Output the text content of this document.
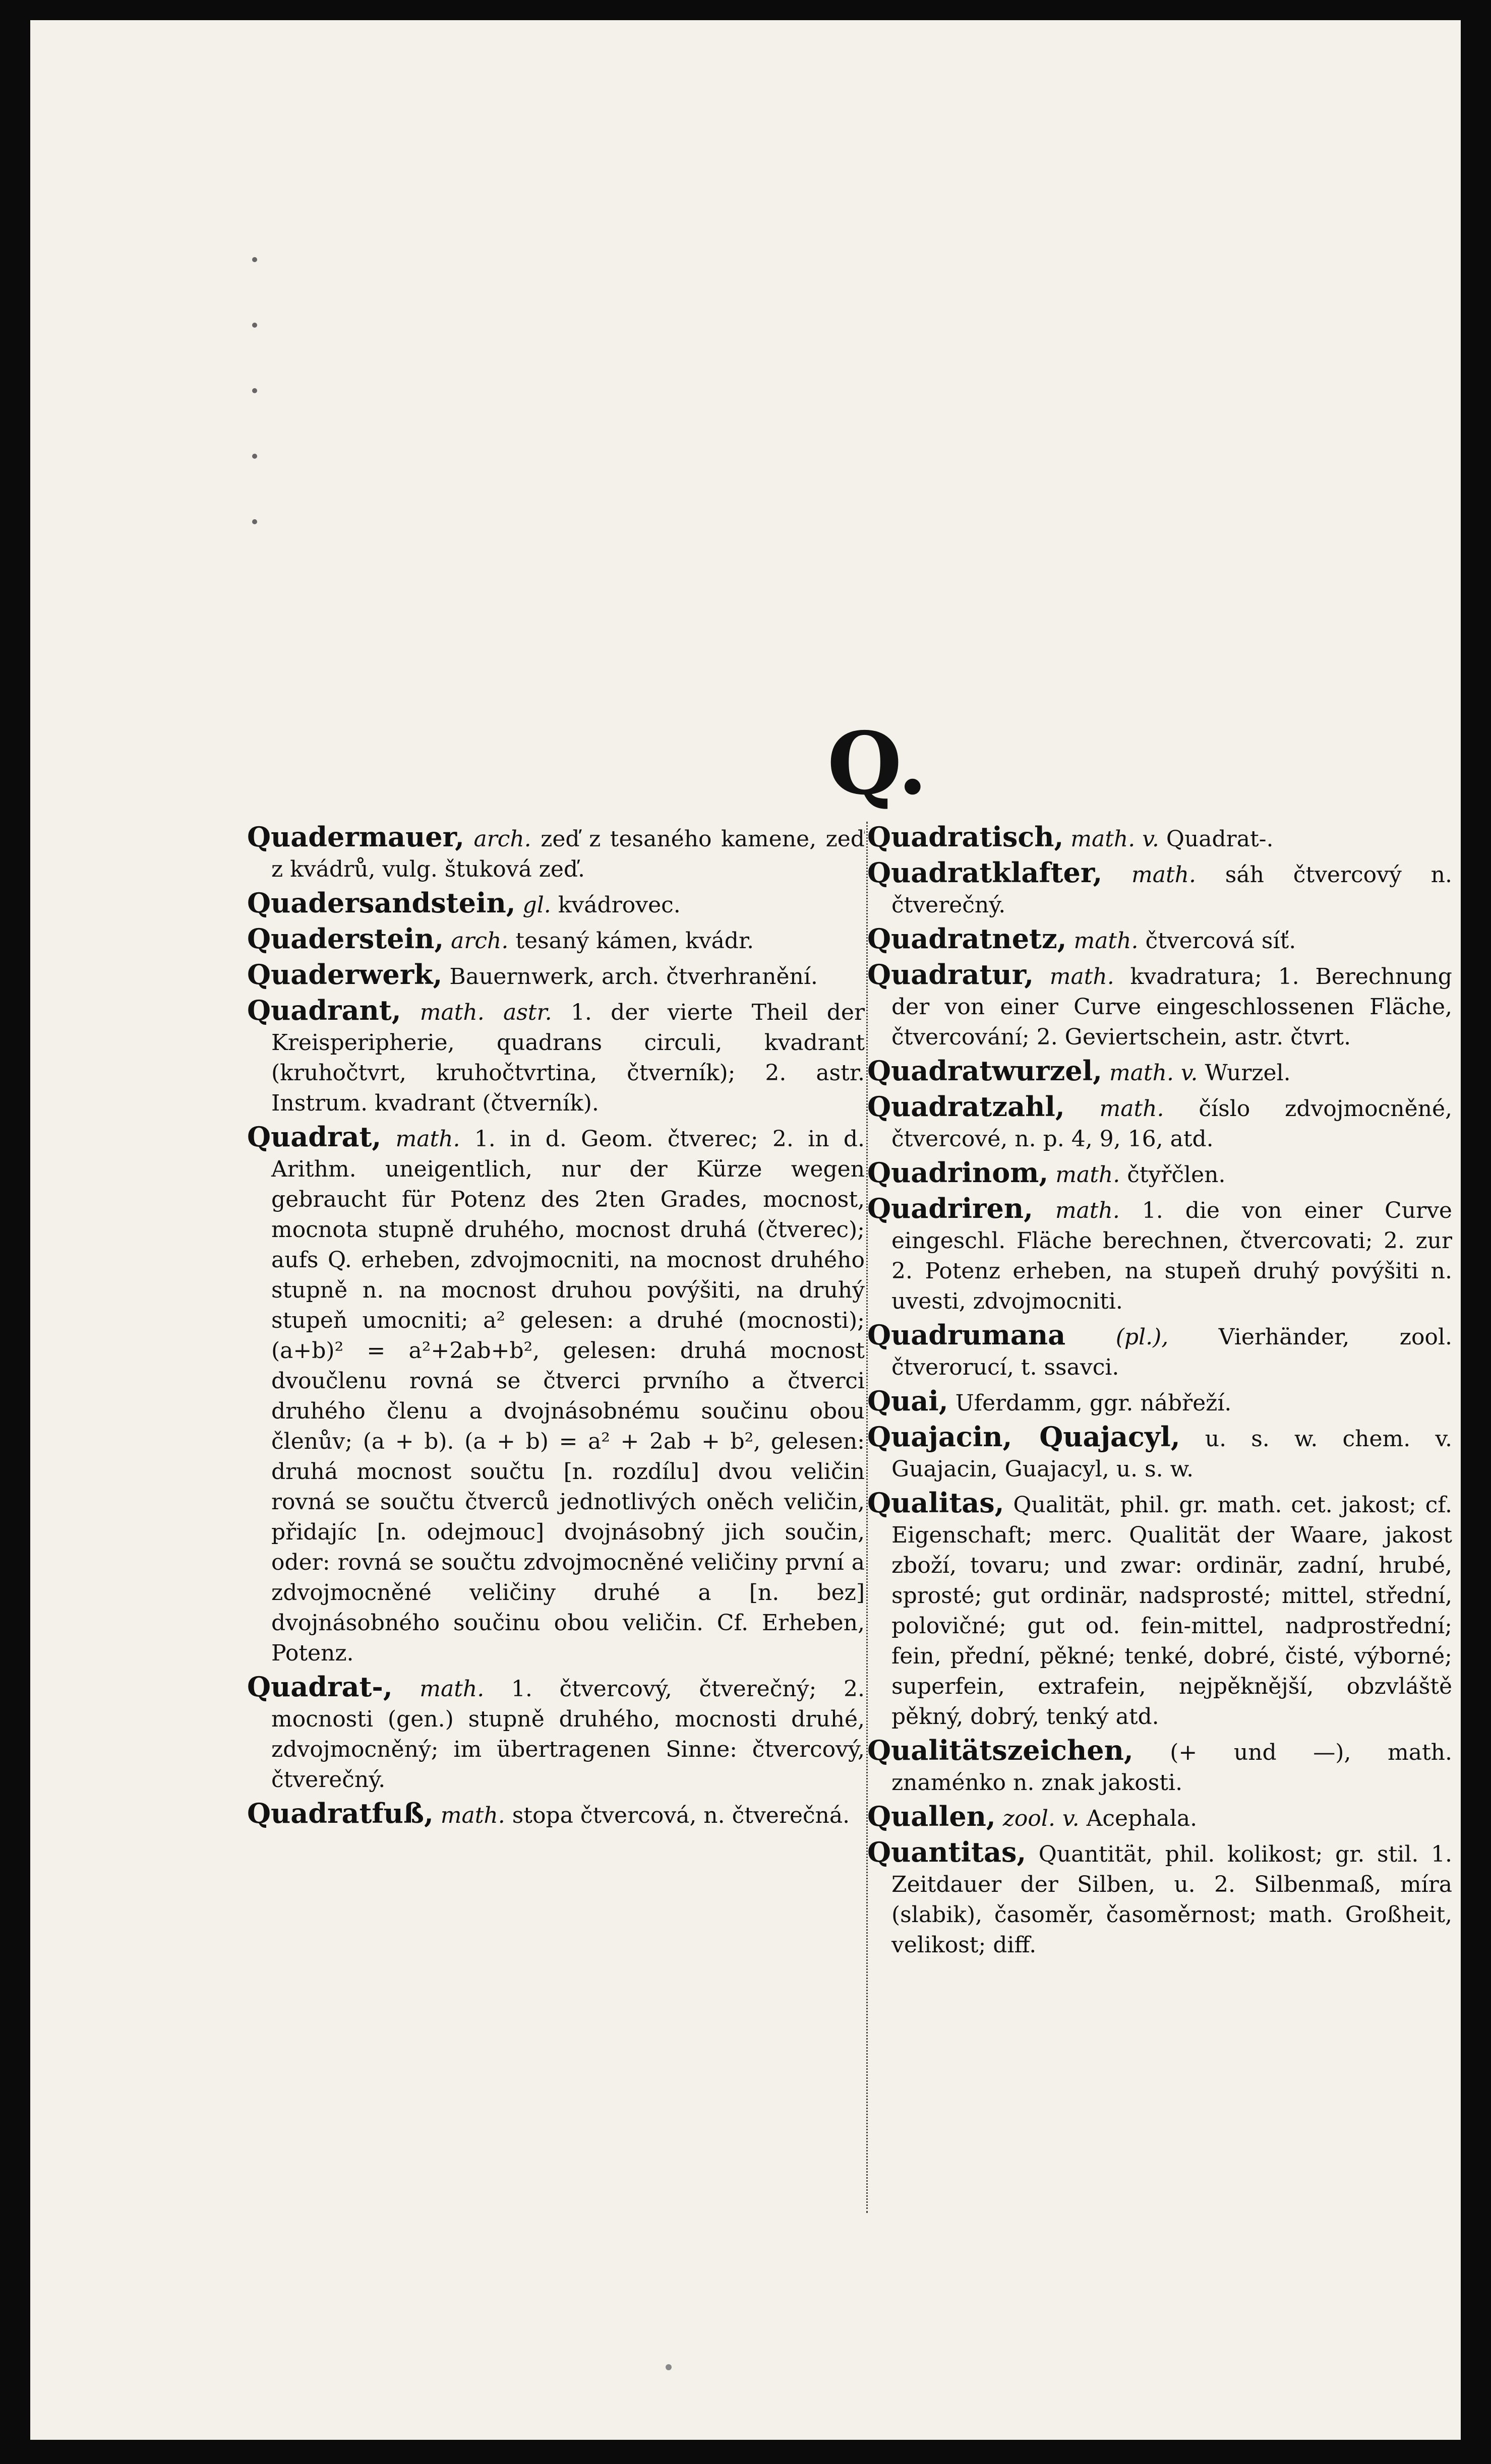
Q.

Quadermauer, arch. zeď z tesaného kamene, zeď z kvádrů, vulg. štuková zeď.

Quadersandstein, gl. kvádrovec.

Quaderstein, arch. tesaný kámen, kvádr.

Quaderwerk, Bauernwerk, arch. čtverhranění.

Quadrant, math. astr. 1. der vierte Theil der Kreisperipherie, quadrans circuli, kvadrant (kruhočtvrt, kruhočtvrtina, čtverník); 2. astr. Instrum. kvadrant (čtverník).

Quadrat, math. 1. in d. Geom. čtverec; 2. in d. Arithm. uneigentlich, nur der Kürze wegen gebraucht für Potenz des 2ten Grades, mocnost, mocnota stupně druhého, mocnost druhá (čtverec); aufs Q. erheben, zdvojmocniti, na mocnost druhého stupně n. na mocnost druhou povýšiti, na druhý stupeň umocniti; a² gelesen: a druhé (mocnosti); (a+b)² = a²+2ab+b², gelesen: druhá mocnost dvoučlenu rovná se čtverci prvního a čtverci druhého členu a dvojnásobnému součinu obou členův; (a + b). (a + b) = a² + 2ab + b², gelesen: druhá mocnost součtu [n. rozdílu] dvou veličin rovná se součtu čtverců jednotlivých oněch veličin, přidajíc [n. odejmouc] dvojnásobný jich součin, oder: rovná se součtu zdvojmocněné veličiny první a zdvojmocněné veličiny druhé a [n. bez] dvojnásobného součinu obou veličin. Cf. Erheben, Potenz.

Quadrat-, math. 1. čtvercový, čtverečný; 2. mocnosti (gen.) stupně druhého, mocnosti druhé, zdvojmocněný; im übertragenen Sinne: čtvercový, čtverečný.

Quadratfuß, math. stopa čtvercová, n. čtverečná.

Quadratisch, math. v. Quadrat-.

Quadratklafter, math. sáh čtvercový n. čtverečný.

Quadratnetz, math. čtvercová síť.

Quadratur, math. kvadratura; 1. Berechnung der von einer Curve eingeschlossenen Fläche, čtvercování; 2. Geviertschein, astr. čtvrt.

Quadratwurzel, math. v. Wurzel.

Quadratzahl, math. číslo zdvojmocněné, čtvercové, n. p. 4, 9, 16, atd.

Quadrinom, math. čtyřčlen.

Quadriren, math. 1. die von einer Curve eingeschl. Fläche berechnen, čtvercovati; 2. zur 2. Potenz erheben, na stupeň druhý povýšiti n. uvesti, zdvojmocniti.

Quadrumana (pl.), Vierhänder, zool. čtverorucí, t. ssavci.

Quai, Uferdamm, ggr. nábřeží.

Quajacin, Quajacyl, u. s. w. chem. v. Guajacin, Guajacyl, u. s. w.

Qualitas, Qualität, phil. gr. math. cet. jakost; cf. Eigenschaft; merc. Qualität der Waare, jakost zboží, tovaru; und zwar: ordinär, zadní, hrubé, sprosté; gut ordinär, nadsprosté; mittel, střední, polovičné; gut od. fein-mittel, nadprostřední; fein, přední, pěkné; tenké, dobré, čisté, výborné; superfein, extrafein, nejpěknější, obzvláště pěkný, dobrý, tenký atd.

Qualitätszeichen, (+ und —), math. znaménko n. znak jakosti.

Quallen, zool. v. Acephala.

Quantitas, Quantität, phil. kolikost; gr. stil. 1. Zeitdauer der Silben, u. 2. Silbenmaß, míra (slabik), časoměr, časoměrnost; math. Großheit, velikost; diff.
